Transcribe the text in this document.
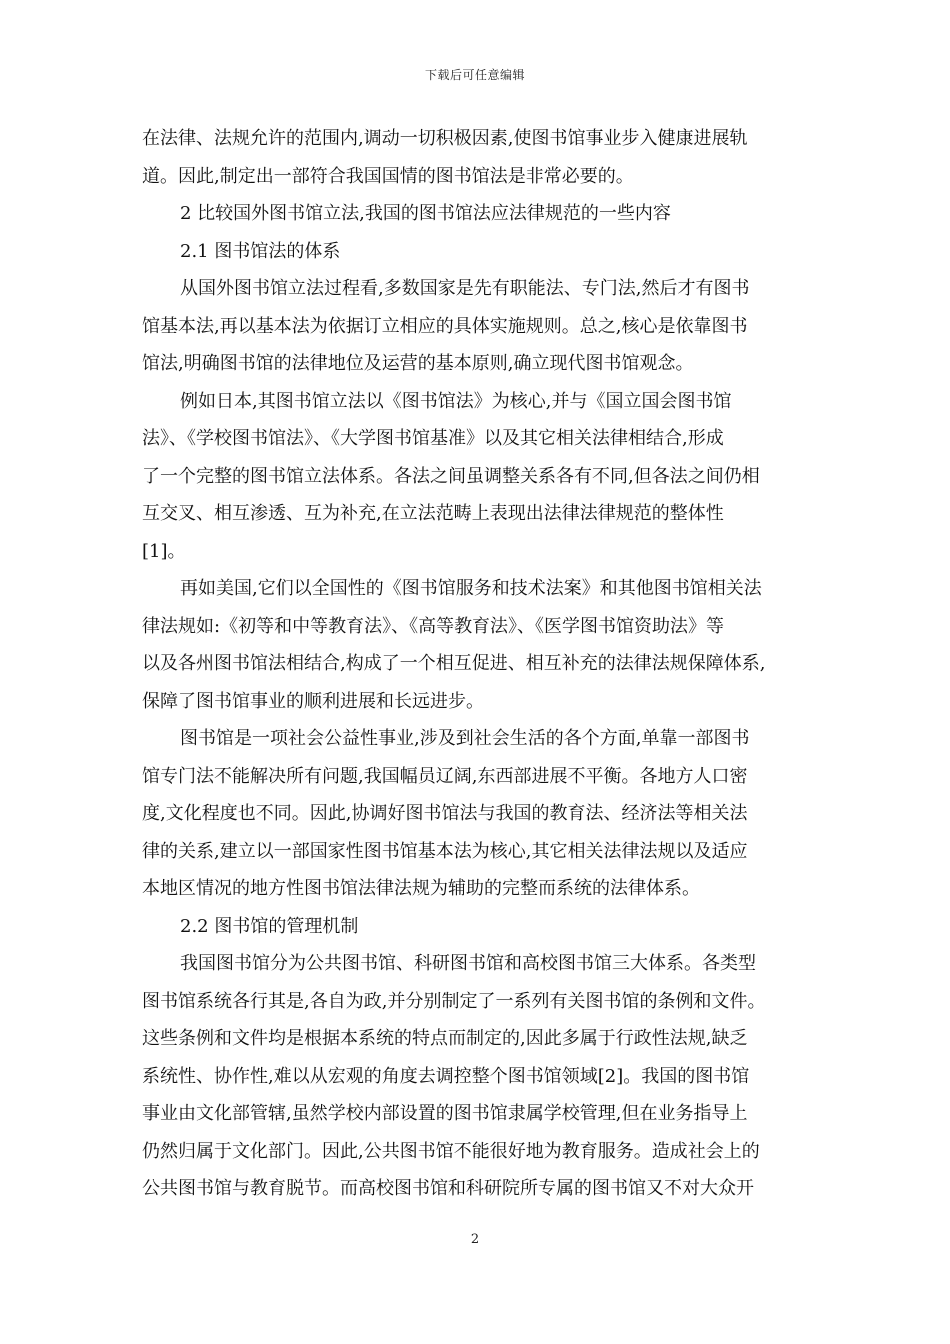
下载后可任意编辑
在法律、法规允许的范围内,调动一切积极因素,使图书馆事业步入健康进展轨
道。因此,制定出一部符合我国国情的图书馆法是非常必要的。
2 比较国外图书馆立法,我国的图书馆法应法律规范的一些内容
2.1 图书馆法的体系
从国外图书馆立法过程看,多数国家是先有职能法、专门法,然后才有图书
馆基本法,再以基本法为依据订立相应的具体实施规则。总之,核心是依靠图书
馆法,明确图书馆的法律地位及运营的基本原则,确立现代图书馆观念。
例如日本,其图书馆立法以《图书馆法》为核心,并与《国立国会图书馆
法》、《学校图书馆法》、《大学图书馆基准》以及其它相关法律相结合,形成
了一个完整的图书馆立法体系。各法之间虽调整关系各有不同,但各法之间仍相
互交叉、相互渗透、互为补充,在立法范畴上表现出法律法律规范的整体性
[1]。
再如美国,它们以全国性的《图书馆服务和技术法案》和其他图书馆相关法
律法规如:《初等和中等教育法》、《高等教育法》、《医学图书馆资助法》等
以及各州图书馆法相结合,构成了一个相互促进、相互补充的法律法规保障体系,
保障了图书馆事业的顺利进展和长远进步。
图书馆是一项社会公益性事业,涉及到社会生活的各个方面,单靠一部图书
馆专门法不能解决所有问题,我国幅员辽阔,东西部进展不平衡。各地方人口密
度,文化程度也不同。因此,协调好图书馆法与我国的教育法、经济法等相关法
律的关系,建立以一部国家性图书馆基本法为核心,其它相关法律法规以及适应
本地区情况的地方性图书馆法律法规为辅助的完整而系统的法律体系。
2.2 图书馆的管理机制
我国图书馆分为公共图书馆、科研图书馆和高校图书馆三大体系。各类型
图书馆系统各行其是,各自为政,并分别制定了一系列有关图书馆的条例和文件。
这些条例和文件均是根据本系统的特点而制定的,因此多属于行政性法规,缺乏
系统性、协作性,难以从宏观的角度去调控整个图书馆领域[2]。我国的图书馆
事业由文化部管辖,虽然学校内部设置的图书馆隶属学校管理,但在业务指导上
仍然归属于文化部门。因此,公共图书馆不能很好地为教育服务。造成社会上的
公共图书馆与教育脱节。而高校图书馆和科研院所专属的图书馆又不对大众开
2
